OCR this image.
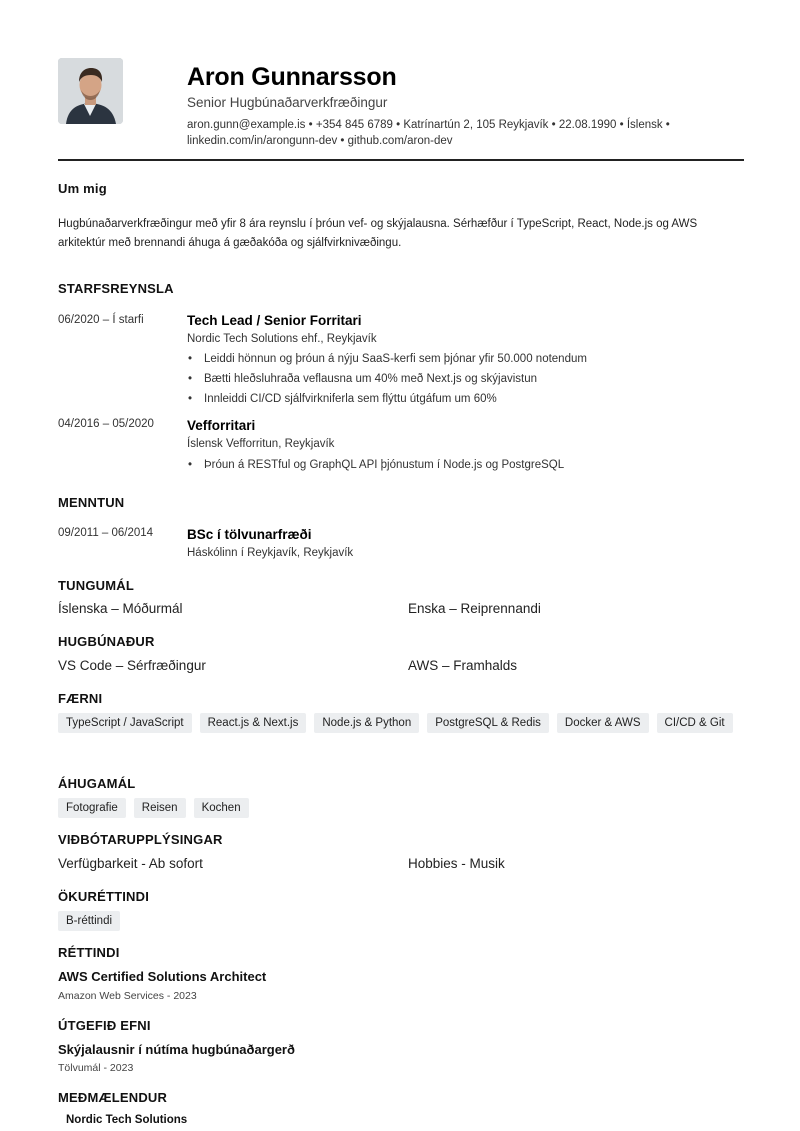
Aron Gunnarsson
Senior Hugbúnaðarverkfræðingur
aron.gunn@example.is • +354 845 6789 • Katrínartún 2, 105 Reykjavík • 22.08.1990 • Íslensk •
linkedin.com/in/arongunn-dev • github.com/aron-dev
Um mig
Hugbúnaðarverkfræðingur með yfir 8 ára reynslu í þróun vef- og skýjalausna. Sérhæfður í TypeScript, React, Node.js og AWS arkitektúr með brennandi áhuga á gæðakóða og sjálfvirknivæðingu.
STARFSREYNSLA
06/2020 – Í starfi	Tech Lead / Senior Forritari
Nordic Tech Solutions ehf., Reykjavík
• Leiddi hönnun og þróun á nýju SaaS-kerfi sem þjónar yfir 50.000 notendum
• Bætti hleðsluhraða veflausna um 40% með Next.js og skýjavistun
• Innleiddi CI/CD sjálfvirkniferla sem flýttu útgáfum um 60%
04/2016 – 05/2020 Vefforritari
Íslensk Vefforritun, Reykjavík
• Þróun á RESTful og GraphQL API þjónustum í Node.js og PostgreSQL
MENNTUN
09/2011 – 06/2014	BSc í tölvunarfræði
Háskólinn í Reykjavík, Reykjavík
TUNGUMÁL
Íslenska – Móðurmál	Enska – Reiprennandi
HUGBÚNAÐUR
VS Code – Sérfræðingur	AWS – Framhalds
FÆRNI
TypeScript / JavaScript	React.js & Next.js	Node.js & Python	PostgreSQL & Redis	Docker & AWS	CI/CD & Git
ÁHUGAMÁL
Fotografie	Reisen	Kochen
VIÐBÓTARUPPLÝSINGAR
Verfügbarkeit - Ab sofort	Hobbies - Musik
ÖKURÉTTINDI
B-réttindi
RÉTTINDI
AWS Certified Solutions Architect
Amazon Web Services - 2023
ÚTGEFIÐ EFNI
Skýjalausnir í nútíma hugbúnaðargerð
Tölvumál - 2023
MEÐMÆLENDUR
Nordic Tech Solutions
